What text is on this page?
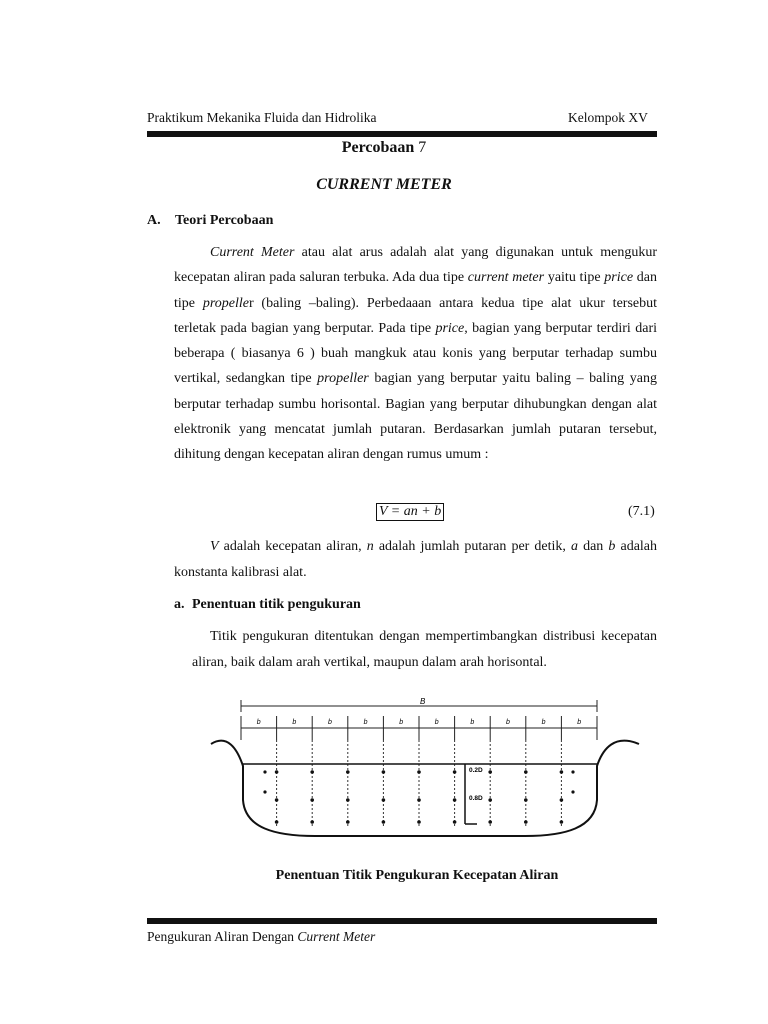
Praktikum Mekanika Fluida dan Hidrolika	Kelompok XV
Percobaan 7
CURRENT METER
A. Teori Percobaan
Current Meter atau alat arus adalah alat yang digunakan untuk mengukur kecepatan aliran pada saluran terbuka. Ada dua tipe current meter yaitu tipe price dan tipe propeller (baling –baling). Perbedaaan antara kedua tipe alat ukur tersebut terletak pada bagian yang berputar. Pada tipe price, bagian yang berputar terdiri dari beberapa ( biasanya 6 ) buah mangkuk atau konis yang berputar terhadap sumbu vertikal, sedangkan tipe propeller bagian yang berputar yaitu baling – baling yang berputar terhadap sumbu horisontal. Bagian yang berputar dihubungkan dengan alat elektronik yang mencatat jumlah putaran. Berdasarkan jumlah putaran tersebut, dihitung dengan kecepatan aliran dengan rumus umum :
V = an + b	(7.1)
V adalah kecepatan aliran, n adalah jumlah putaran per detik, a dan b adalah konstanta kalibrasi alat.
a. Penentuan titik pengukuran
Titik pengukuran ditentukan dengan mempertimbangkan distribusi kecepatan aliran, baik dalam arah vertikal, maupun dalam arah horisontal.
B
b	b	b	b	b	b	b	b	b	b
0.2D
0.8D
Penentuan Titik Pengukuran Kecepatan Aliran
Pengukuran Aliran Dengan Current Meter
